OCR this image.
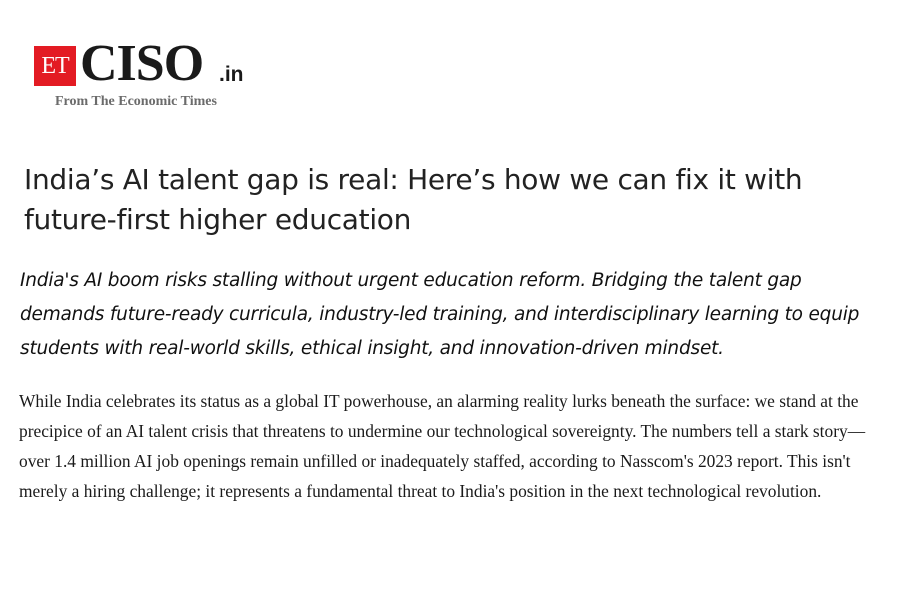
ET CISO .in
From The Economic Times
India’s AI talent gap is real: Here’s how we can fix it with future-first higher education

India's AI boom risks stalling without urgent education reform. Bridging the talent gap demands future-ready curricula, industry-led training, and interdisciplinary learning to equip students with real-world skills, ethical insight, and innovation-driven mindset.

While India celebrates its status as a global IT powerhouse, an alarming reality lurks beneath the surface: we stand at the precipice of an AI talent crisis that threatens to undermine our technological sovereignty. The numbers tell a stark story—over 1.4 million AI job openings remain unfilled or inadequately staffed, according to Nasscom's 2023 report. This isn't merely a hiring challenge; it represents a fundamental threat to India's position in the next technological revolution.
